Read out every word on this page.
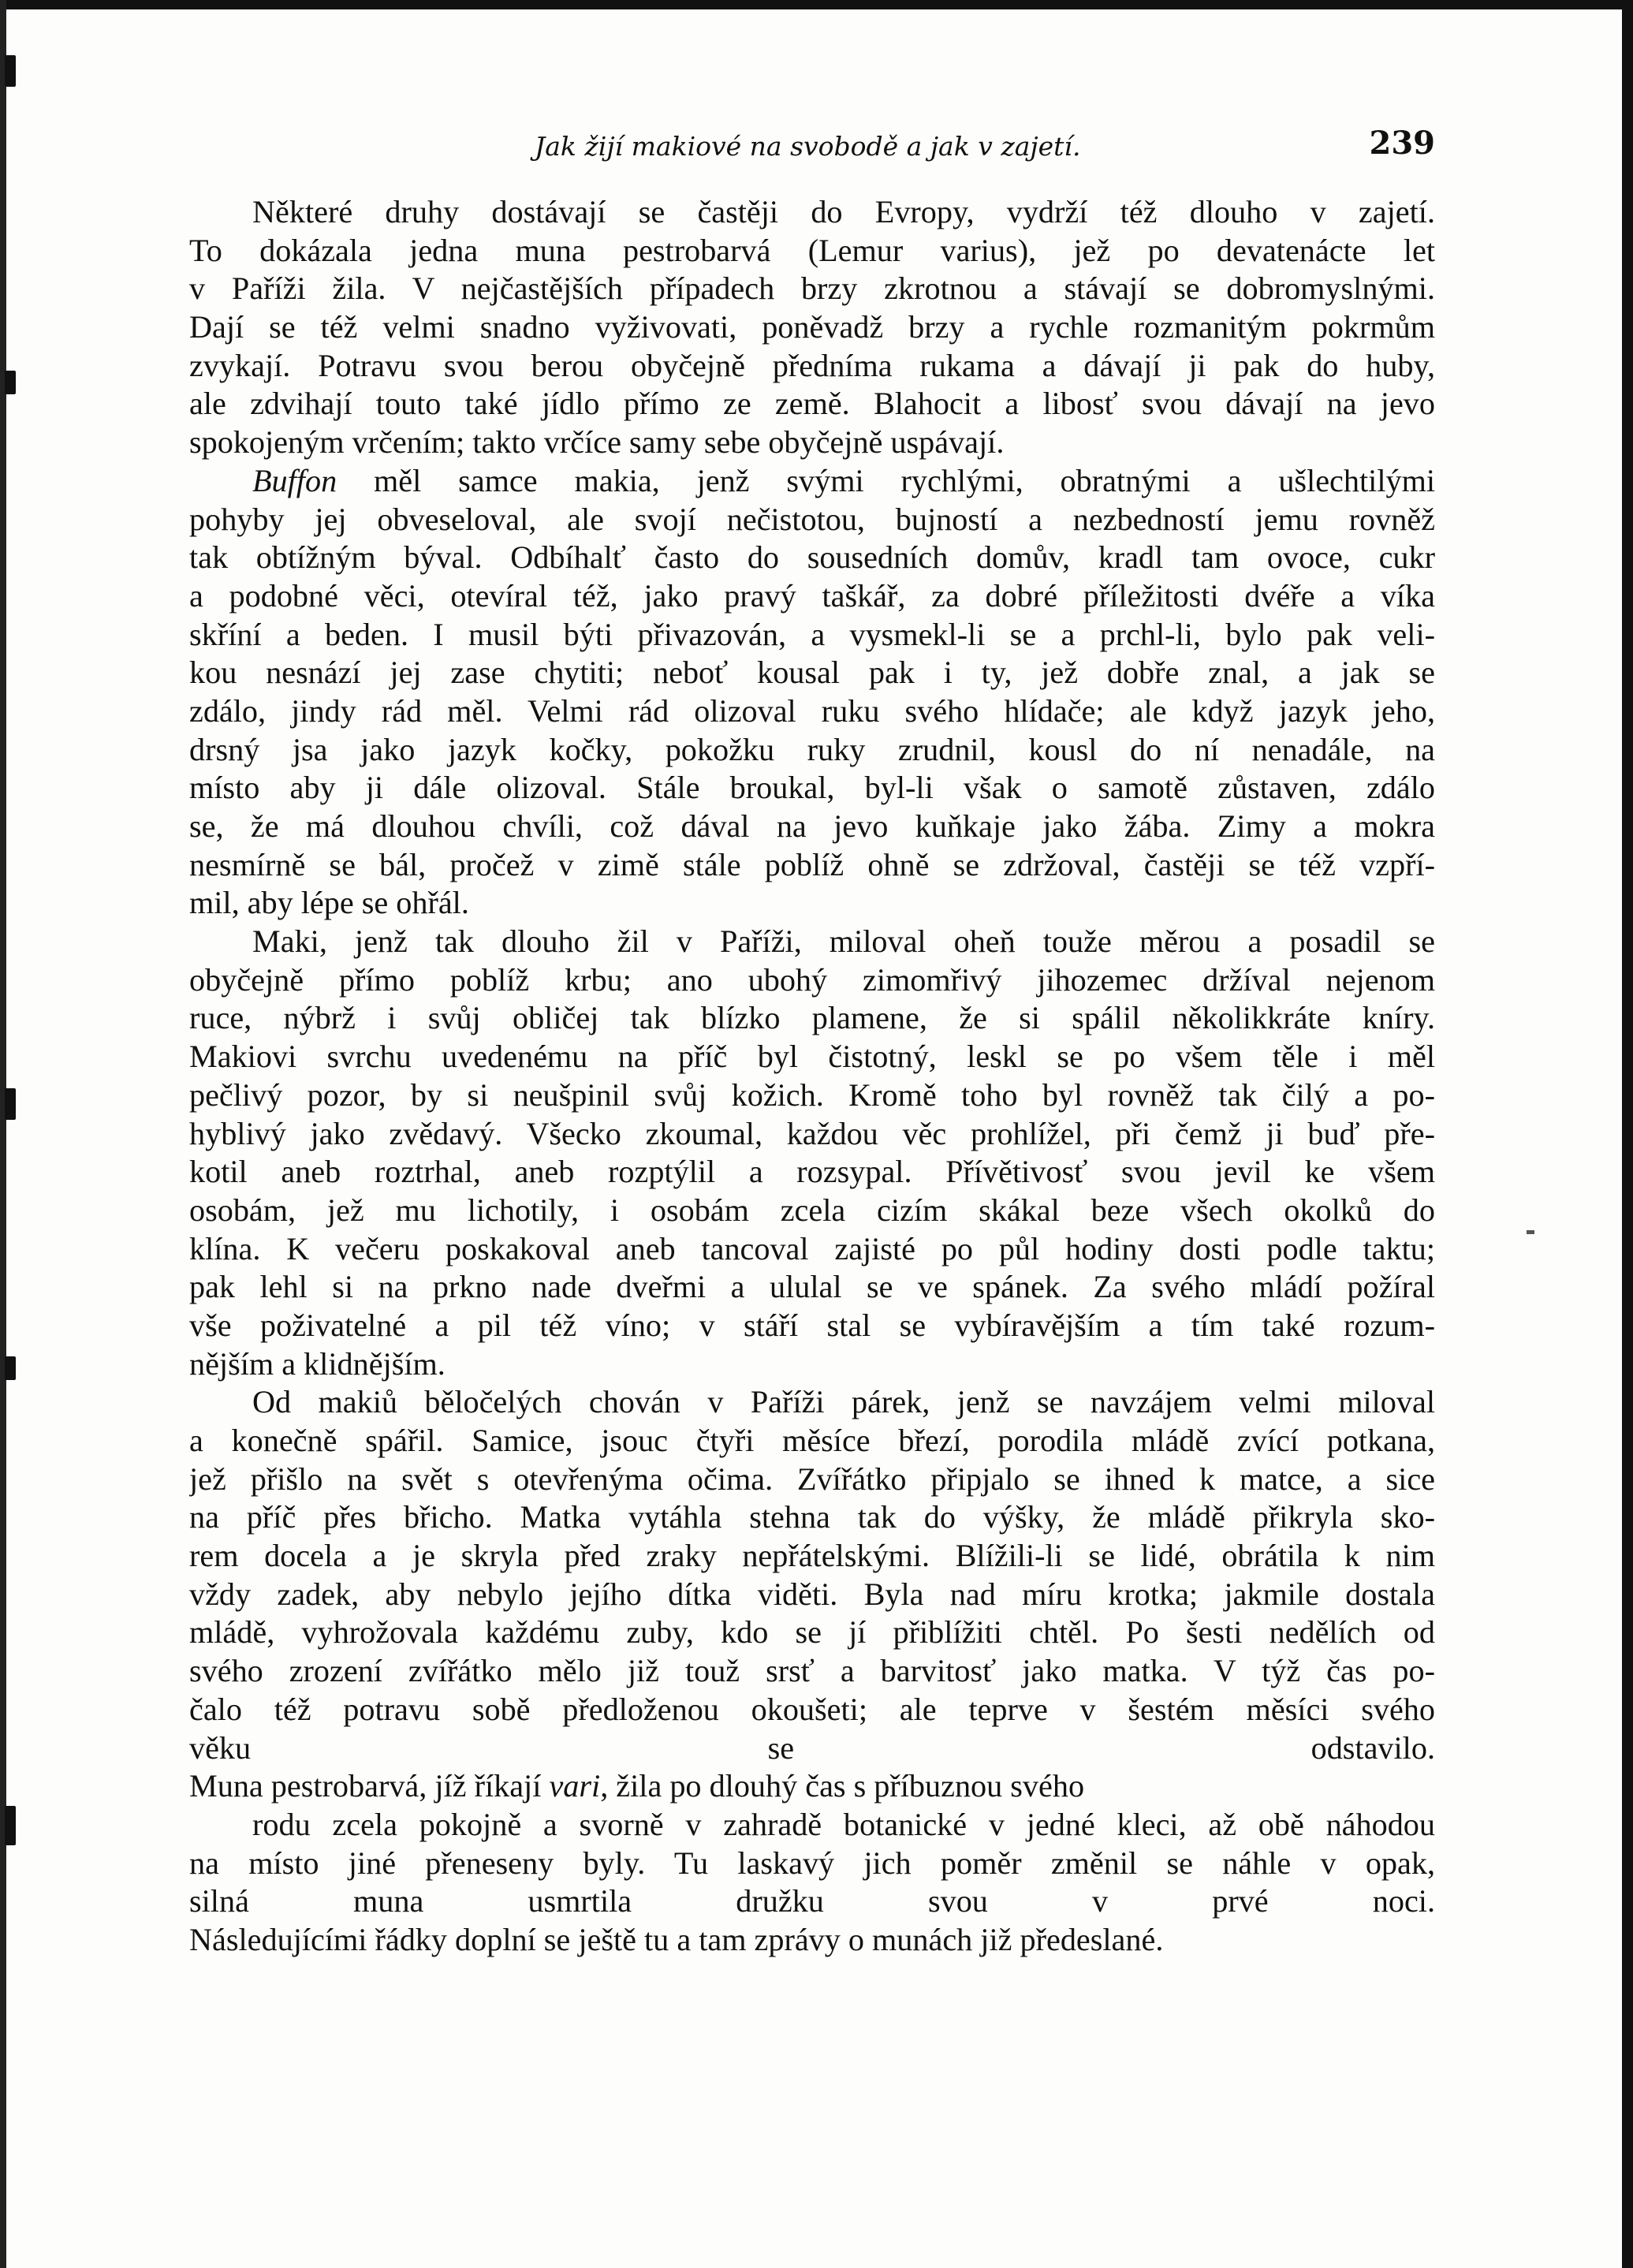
Jak žijí makiové na svobodě a jak v zajetí.	239
Některé druhy dostávají se častěji do Evropy, vydrží též dlouho v zajetí.
To dokázala jedna muna pestrobarvá (Lemur varius), jež po devatenácte let
v Paříži žila. V nejčastějších případech brzy zkrotnou a stávají se dobromyslnými.
Dají se též velmi snadno vyživovati, poněvadž brzy a rychle rozmanitým pokrmům
zvykají. Potravu svou berou obyčejně předníma rukama a dávají ji pak do huby,
ale zdvihají touto také jídlo přímo ze země. Blahocit a libosť svou dávají na jevo
spokojeným vrčením; takto vrčíce samy sebe obyčejně uspávají.
Buffon měl samce makia, jenž svými rychlými, obratnými a ušlechtilými
pohyby jej obveseloval, ale svojí nečistotou, bujností a nezbedností jemu rovněž
tak obtížným býval. Odbíhalť často do sousedních domův, kradl tam ovoce, cukr
a podobné věci, otevíral též, jako pravý taškář, za dobré příležitosti dvéře a víka
skříní a beden. I musil býti přivazován, a vysmekl-li se a prchl-li, bylo pak veli-
kou nesnází jej zase chytiti; neboť kousal pak i ty, jež dobře znal, a jak se
zdálo, jindy rád měl. Velmi rád olizoval ruku svého hlídače; ale když jazyk jeho,
drsný jsa jako jazyk kočky, pokožku ruky zrudnil, kousl do ní nenadále, na
místo aby ji dále olizoval. Stále broukal, byl-li však o samotě zůstaven, zdálo
se, že má dlouhou chvíli, což dával na jevo kuňkaje jako žába. Zimy a mokra
nesmírně se bál, pročež v zimě stále poblíž ohně se zdržoval, častěji se též vzpří-
mil, aby lépe se ohřál.
Maki, jenž tak dlouho žil v Paříži, miloval oheň touže měrou a posadil se
obyčejně přímo poblíž krbu; ano ubohý zimomřivý jihozemec držíval nejenom
ruce, nýbrž i svůj obličej tak blízko plamene, že si spálil několikkráte kníry.
Makiovi svrchu uvedenému na příč byl čistotný, leskl se po všem těle i měl
pečlivý pozor, by si neušpinil svůj kožich. Kromě toho byl rovněž tak čilý a po-
hyblivý jako zvědavý. Všecko zkoumal, každou věc prohlížel, při čemž ji buď pře-
kotil aneb roztrhal, aneb rozptýlil a rozsypal. Přívětivosť svou jevil ke všem
osobám, jež mu lichotily, i osobám zcela cizím skákal beze všech okolků do
klína. K večeru poskakoval aneb tancoval zajisté po půl hodiny dosti podle taktu;
pak lehl si na prkno nade dveřmi a ululal se ve spánek. Za svého mládí požíral
vše poživatelné a pil též víno; v stáří stal se vybíravějším a tím také rozum-
nějším a klidnějším.
Od makiů běločelých chován v Paříži párek, jenž se navzájem velmi miloval
a konečně spářil. Samice, jsouc čtyři měsíce březí, porodila mládě zvící potkana,
jež přišlo na svět s otevřenýma očima. Zvířátko připjalo se ihned k matce, a sice
na příč přes břicho. Matka vytáhla stehna tak do výšky, že mládě přikryla sko-
rem docela a je skryla před zraky nepřátelskými. Blížili-li se lidé, obrátila k nim
vždy zadek, aby nebylo jejího dítka viděti. Byla nad míru krotka; jakmile dostala
mládě, vyhrožovala každému zuby, kdo se jí přiblížiti chtěl. Po šesti nedělích od
svého zrození zvířátko mělo již touž srsť a barvitosť jako matka. V týž čas po-
čalo též potravu sobě předloženou okoušeti; ale teprve v šestém měsíci svého
věku se odstavilo.
Muna pestrobarvá, jíž říkají vari, žila po dlouhý čas s příbuznou svého
rodu zcela pokojně a svorně v zahradě botanické v jedné kleci, až obě náhodou
na místo jiné přeneseny byly. Tu laskavý jich poměr změnil se náhle v opak,
silná muna usmrtila družku svou v prvé noci.
Následujícími řádky doplní se ještě tu a tam zprávy o munách již předeslané.
